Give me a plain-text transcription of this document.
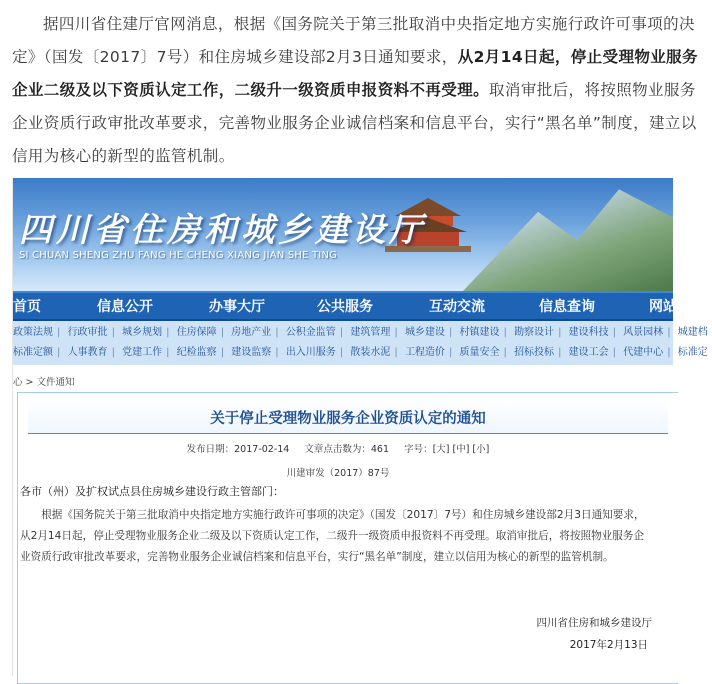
据四川省住建厅官网消息，根据《国务院关于第三批取消中央指定地方实施行政许可事项的决定》（国发〔2017〕7号）和住房城乡建设部2月3日通知要求，从2月14日起，停止受理物业服务企业二级及以下资质认定工作，二级升一级资质申报资料不再受理。取消审批后，将按照物业服务企业资质行政审批改革要求，完善物业服务企业诚信档案和信息平台，实行“黑名单”制度，建立以信用为核心的新型的监管机制。

四川省住房和城乡建设厅
SI CHUAN SHENG ZHU FANG HE CHENG XIANG JIAN SHE TING
首页	信息公开	办事大厅	公共服务	互动交流	信息查询	网站
政策法规 | 行政审批 | 城乡规划 | 住房保障 | 房地产业 | 公积金监管 | 建筑管理 | 城乡建设 | 村镇建设 | 勘察设计 | 建设科技 | 风景园林 | 城建档
标准定额 | 人事教育 | 党建工作 | 纪检监察 | 建设监察 | 出入川服务 | 散装水泥 | 工程造价 | 质量安全 | 招标投标 | 建设工会 | 代建中心 | 标准定
心 > 文件通知
关于停止受理物业服务企业资质认定的通知
发布日期：2017-02-14 文章点击数为：461 字号：[大] [中] [小]
川建审发（2017）87号
各市（州）及扩权试点县住房城乡建设行政主管部门：

根据《国务院关于第三批取消中央指定地方实施行政许可事项的决定》（国发〔2017〕7号）和住房城乡建设部2月3日通知要求，从2月14日起，停止受理物业服务企业二级及以下资质认定工作，二级升一级资质申报资料不再受理。取消审批后，将按照物业服务企业资质行政审批改革要求，完善物业服务企业诚信档案和信息平台，实行“黑名单”制度，建立以信用为核心的新型的监管机制。

四川省住房和城乡建设厅
2017年2月13日
